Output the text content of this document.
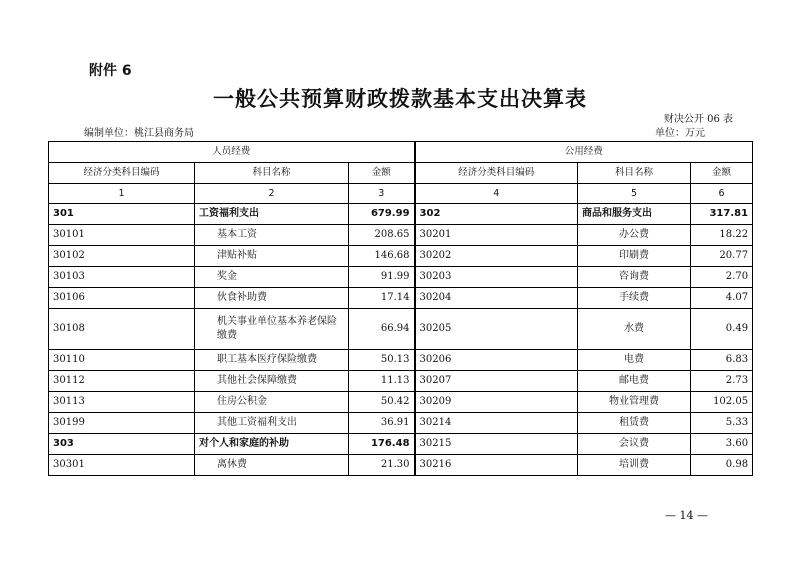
附件 6
一般公共预算财政拨款基本支出决算表
财决公开 06 表
编制单位：桃江县商务局	单位：万元
人员经费			公用经费		
经济分类科目编码	科目名称	金额	经济分类科目编码	科目名称	金额
1	2	3	4	5	6
301	工资福利支出	679.99	302	商品和服务支出	317.81
30101	基本工资	208.65	30201	办公费	18.22
30102	津贴补贴	146.68	30202	印刷费	20.77
30103	奖金	91.99	30203	咨询费	2.70
30106	伙食补助费	17.14	30204	手续费	4.07
30108	机关事业单位基本养老保险缴费	66.94	30205	水费	0.49
30110	职工基本医疗保险缴费	50.13	30206	电费	6.83
30112	其他社会保障缴费	11.13	30207	邮电费	2.73
30113	住房公积金	50.42	30209	物业管理费	102.05
30199	其他工资福利支出	36.91	30214	租赁费	5.33
303	对个人和家庭的补助	176.48	30215	会议费	3.60
30301	离休费	21.30	30216	培训费	0.98
— 14 —
